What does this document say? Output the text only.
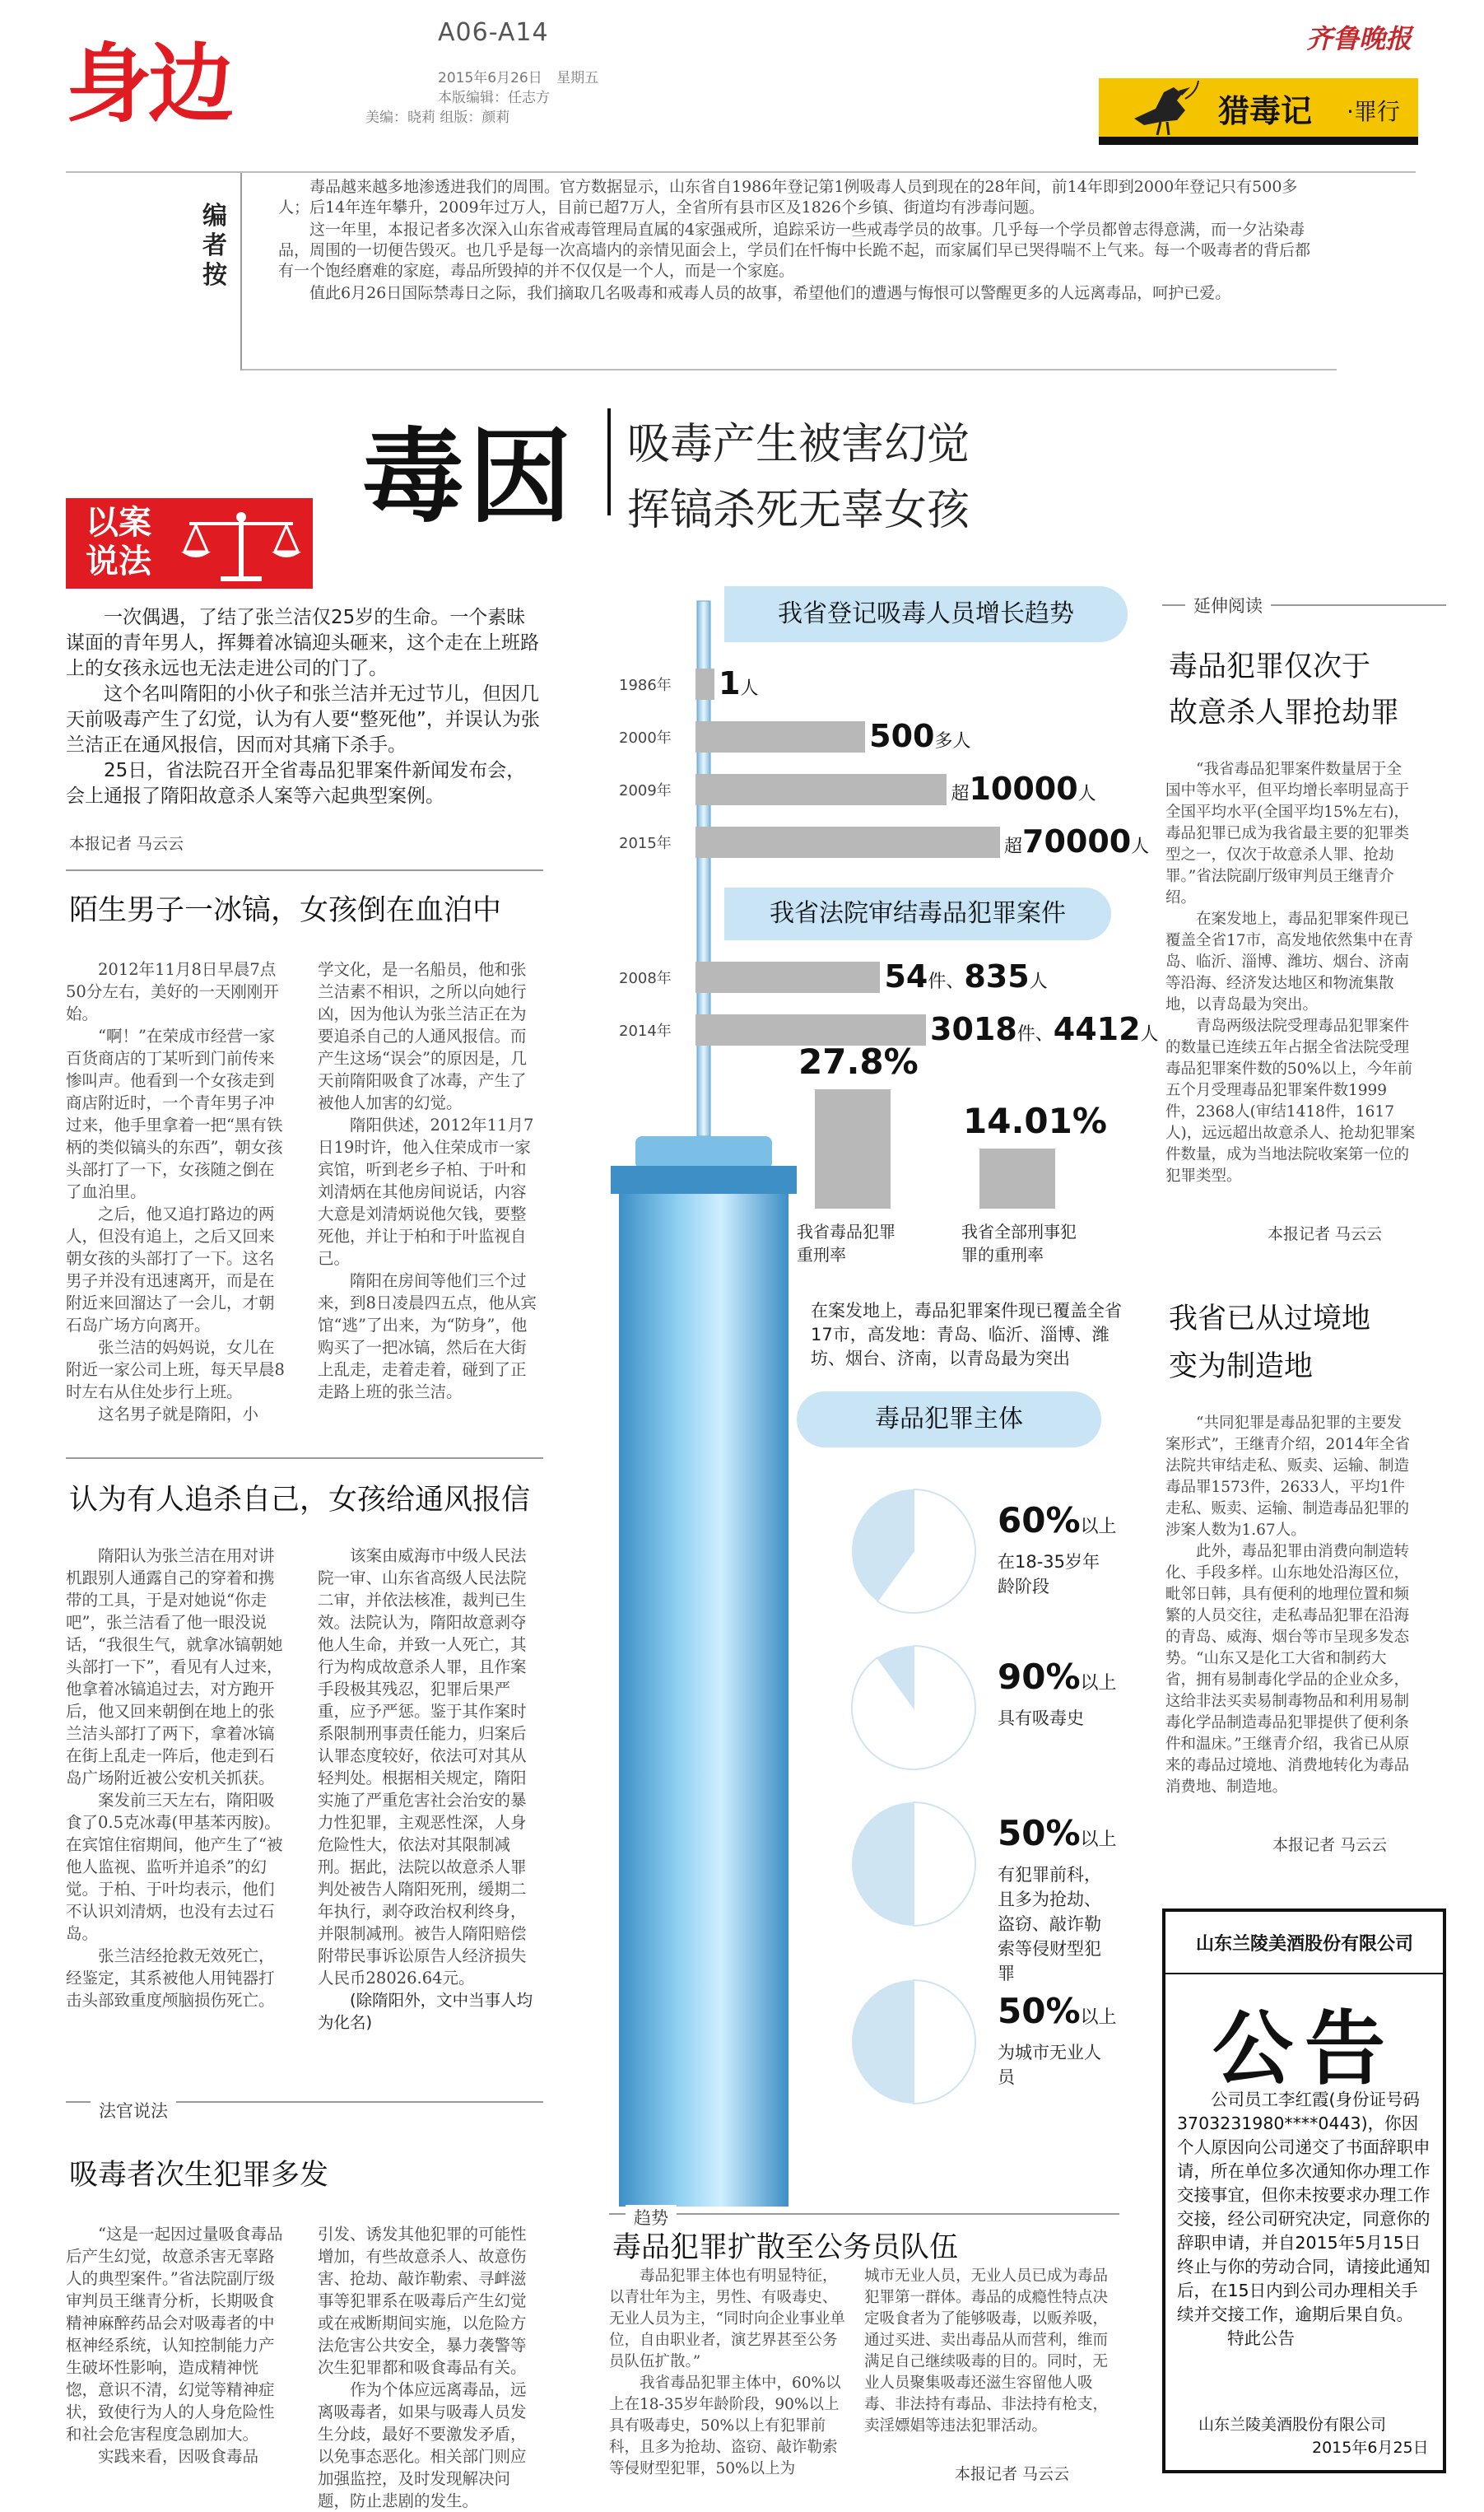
身边
A06-A14
2015年6月26日 星期五
本版编辑：任志方
美编：晓莉 组版：颜莉
齐鲁晚报
猎毒记 ·罪行
编者按

毒品越来越多地渗透进我们的周围。官方数据显示，山东省自1986年登记第1例吸毒人员到现在的28年间，前14年即到2000年登记只有500多人；后14年连年攀升，2009年过万人，目前已超7万人，全省所有县市区及1826个乡镇、街道均有涉毒问题。

这一年里，本报记者多次深入山东省戒毒管理局直属的4家强戒所，追踪采访一些戒毒学员的故事。几乎每一个学员都曾志得意满，而一夕沾染毒品，周围的一切便告毁灭。也几乎是每一次高墙内的亲情见面会上，学员们在忏悔中长跪不起，而家属们早已哭得喘不上气来。每一个吸毒者的背后都有一个饱经磨难的家庭，毒品所毁掉的并不仅仅是一个人，而是一个家庭。

值此6月26日国际禁毒日之际，我们摘取几名吸毒和戒毒人员的故事，希望他们的遭遇与悔恨可以警醒更多的人远离毒品，呵护已爱。

毒因 吸毒产生被害幻觉
挥镐杀死无辜女孩
以案说法

一次偶遇，了结了张兰洁仅25岁的生命。一个素昧谋面的青年男人，挥舞着冰镐迎头砸来，这个走在上班路上的女孩永远也无法走进公司的门了。

这个名叫隋阳的小伙子和张兰洁并无过节儿，但因几天前吸毒产生了幻觉，认为有人要“整死他”，并误认为张兰洁正在通风报信，因而对其痛下杀手。

25日，省法院召开全省毒品犯罪案件新闻发布会，会上通报了隋阳故意杀人案等六起典型案例。

本报记者 马云云
陌生男子一冰镐，女孩倒在血泊中

2012年11月8日早晨7点50分左右，美好的一天刚刚开始。

“啊！”在荣成市经营一家百货商店的丁某听到门前传来惨叫声。他看到一个女孩走到商店附近时，一个青年男子冲过来，他手里拿着一把“黑有铁柄的类似镐头的东西”，朝女孩头部打了一下，女孩随之倒在了血泊里。

之后，他又追打路边的两人，但没有追上，之后又回来朝女孩的头部打了一下。这名男子并没有迅速离开，而是在附近来回溜达了一会儿，才朝石岛广场方向离开。

张兰洁的妈妈说，女儿在附近一家公司上班，每天早晨8时左右从住处步行上班。

这名男子就是隋阳，小

学文化，是一名船员，他和张兰洁素不相识，之所以向她行凶，因为他认为张兰洁正在为要追杀自己的人通风报信。而产生这场“误会”的原因是，几天前隋阳吸食了冰毒，产生了被他人加害的幻觉。

隋阳供述，2012年11月7日19时许，他入住荣成市一家宾馆，听到老乡子柏、于叶和刘清炳在其他房间说话，内容大意是刘清炳说他欠钱，要整死他，并让于柏和于叶监视自己。

隋阳在房间等他们三个过来，到8日凌晨四五点，他从宾馆“逃”了出来，为“防身”，他购买了一把冰镐，然后在大街上乱走，走着走着，碰到了正走路上班的张兰洁。

认为有人追杀自己，女孩给通风报信

隋阳认为张兰洁在用对讲机跟别人通露自己的穿着和携带的工具，于是对她说“你走吧”，张兰洁看了他一眼没说话，“我很生气，就拿冰镐朝她头部打一下”，看见有人过来，他拿着冰镐追过去，对方跑开后，他又回来朝倒在地上的张兰洁头部打了两下，拿着冰镐在街上乱走一阵后，他走到石岛广场附近被公安机关抓获。

案发前三天左右，隋阳吸食了0.5克冰毒(甲基苯丙胺)。在宾馆住宿期间，他产生了“被他人监视、监听并追杀”的幻觉。于柏、于叶均表示，他们不认识刘清炳，也没有去过石岛。

张兰洁经抢救无效死亡，经鉴定，其系被他人用钝器打击头部致重度颅脑损伤死亡。

该案由威海市中级人民法院一审、山东省高级人民法院二审，并依法核准，裁判已生效。法院认为，隋阳故意剥夺他人生命，并致一人死亡，其行为构成故意杀人罪，且作案手段极其残忍，犯罪后果严重，应予严惩。鉴于其作案时系限制刑事责任能力，归案后认罪态度较好，依法可对其从轻判处。根据相关规定，隋阳实施了严重危害社会治安的暴力性犯罪，主观恶性深，人身危险性大，依法对其限制减刑。据此，法院以故意杀人罪判处被告人隋阳死刑，缓期二年执行，剥夺政治权利终身，并限制减刑。被告人隋阳赔偿附带民事诉讼原告人经济损失人民币28026.64元。

(除隋阳外，文中当事人均为化名)

法官说法
吸毒者次生犯罪多发

“这是一起因过量吸食毒品后产生幻觉，故意杀害无辜路人的典型案件。”省法院副厅级审判员王继青分析，长期吸食精神麻醉药品会对吸毒者的中枢神经系统，认知控制能力产生破坏性影响，造成精神恍惚，意识不清，幻觉等精神症状，致使行为人的人身危险性和社会危害程度急剧加大。

实践来看，因吸食毒品

引发、诱发其他犯罪的可能性增加，有些故意杀人、故意伤害、抢劫、敲诈勒索、寻衅滋事等犯罪系在吸毒后产生幻觉或在戒断期间实施，以危险方法危害公共安全，暴力袭警等次生犯罪都和吸食毒品有关。

作为个体应远离毒品，远离吸毒者，如果与吸毒人员发生分歧，最好不要激发矛盾，以免事态恶化。相关部门则应加强监控，及时发现解决问题，防止悲剧的发生。

我省登记吸毒人员增长趋势
我省法院审结毒品犯罪案件
在案发地上，毒品犯罪案件现已覆盖全省17市，高发地：青岛、临沂、淄博、潍坊、烟台、济南，以青岛最为突出
毒品犯罪主体
趋势
毒品犯罪扩散至公务员队伍

毒品犯罪主体也有明显特征，以青壮年为主，男性、有吸毒史、无业人员为主，“同时向企业事业单位，自由职业者，演艺界甚至公务员队伍扩散。”

我省毒品犯罪主体中，60%以上在18-35岁年龄阶段，90%以上具有吸毒史，50%以上有犯罪前科，且多为抢劫、盗窃、敲诈勒索等侵财型犯罪，50%以上为

城市无业人员，无业人员已成为毒品犯罪第一群体。毒品的成瘾性特点决定吸食者为了能够吸毒，以贩养吸，通过买进、卖出毒品从而营利，维而满足自己继续吸毒的目的。同时，无业人员聚集吸毒还滋生容留他人吸毒、非法持有毒品、非法持有枪支，卖淫嫖娼等违法犯罪活动。

本报记者 马云云
延伸阅读
毒品犯罪仅次于
故意杀人罪抢劫罪

“我省毒品犯罪案件数量居于全国中等水平，但平均增长率明显高于全国平均水平(全国平均15%左右)，毒品犯罪已成为我省最主要的犯罪类型之一，仅次于故意杀人罪、抢劫罪。”省法院副厅级审判员王继青介绍。

在案发地上，毒品犯罪案件现已覆盖全省17市，高发地依然集中在青岛、临沂、淄博、潍坊、烟台、济南等沿海、经济发达地区和物流集散地，以青岛最为突出。

青岛两级法院受理毒品犯罪案件的数量已连续五年占据全省法院受理毒品犯罪案件数的50%以上，今年前五个月受理毒品犯罪案件数1999件，2368人(审结1418件，1617人)，远远超出故意杀人、抢劫犯罪案件数量，成为当地法院收案第一位的犯罪类型。

本报记者 马云云
我省已从过境地
变为制造地

“共同犯罪是毒品犯罪的主要发案形式”，王继青介绍，2014年全省法院共审结走私、贩卖、运输、制造毒品罪1573件，2633人，平均1件走私、贩卖、运输、制造毒品犯罪的涉案人数为1.67人。

此外，毒品犯罪由消费向制造转化、手段多样。山东地处沿海区位，毗邻日韩，具有便利的地理位置和频繁的人员交往，走私毒品犯罪在沿海的青岛、威海、烟台等市呈现多发态势。“山东又是化工大省和制药大省，拥有易制毒化学品的企业众多，这给非法买卖易制毒物品和利用易制毒化学品制造毒品犯罪提供了便利条件和温床。”王继青介绍，我省已从原来的毒品过境地、消费地转化为毒品消费地、制造地。

本报记者 马云云
山东兰陵美酒股份有限公司
公告

公司员工李红霞(身份证号码3703231980****0443)，你因个人原因向公司递交了书面辞职申请，所在单位多次通知你办理工作交接事宜，但你未按要求办理工作交接，经公司研究决定，同意你的辞职申请，并自2015年5月15日终止与你的劳动合同，请接此通知后，在15日内到公司办理相关手续并交接工作，逾期后果自负。

特此公告

山东兰陵美酒股份有限公司
2015年6月25日
1986年 1人
2000年	500多人
2009年	超10000人
2015年	超70000人
2008年	54件、835人
2014年	3018件、4412人
27.8%
我省毒品犯罪重刑率
14.01%
我省全部刑事犯罪的重刑率
60%以上
在18-35岁年龄阶段
90%以上
具有吸毒史
50%以上
有犯罪前科，且多为抢劫、盗窃、敲诈勒索等侵财型犯罪
50%以上
为城市无业人员
